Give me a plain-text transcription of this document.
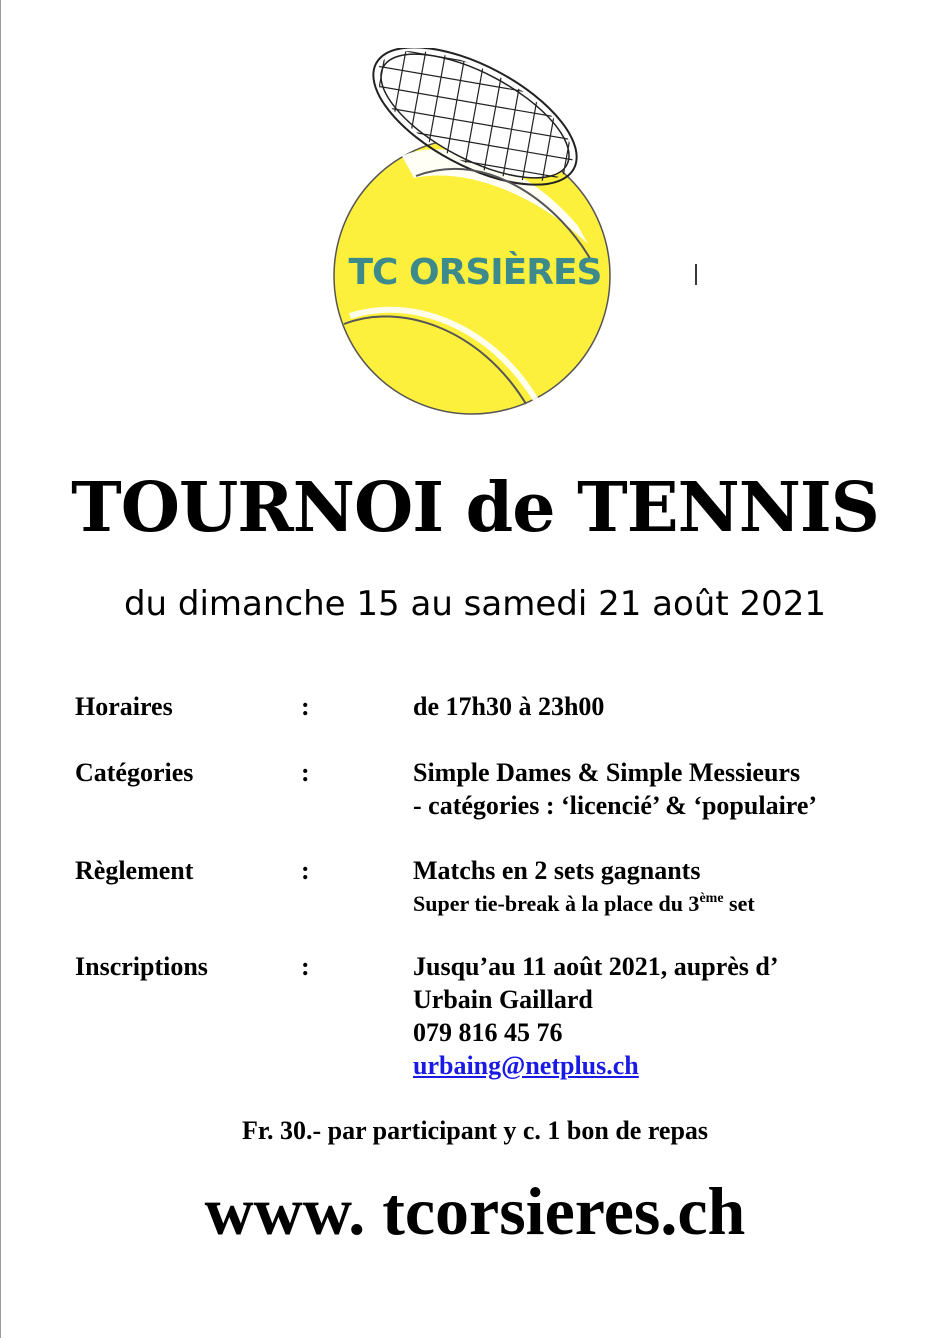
TC ORSIÈRES
TOURNOI de TENNIS
du dimanche 15 au samedi 21 août 2021
Horaires	:	de 17h30 à 23h00
Catégories	:	Simple Dames & Simple Messieurs
- catégories : ‘licencié’ & ‘populaire’
Règlement	:	Matchs en 2 sets gagnants
Super tie-break à la place du 3ème set
Inscriptions	:	Jusqu’au 11 août 2021, auprès d’
Urbain Gaillard
079 816 45 76
urbaing@netplus.ch
Fr. 30.- par participant y c. 1 bon de repas
www. tcorsieres.ch
